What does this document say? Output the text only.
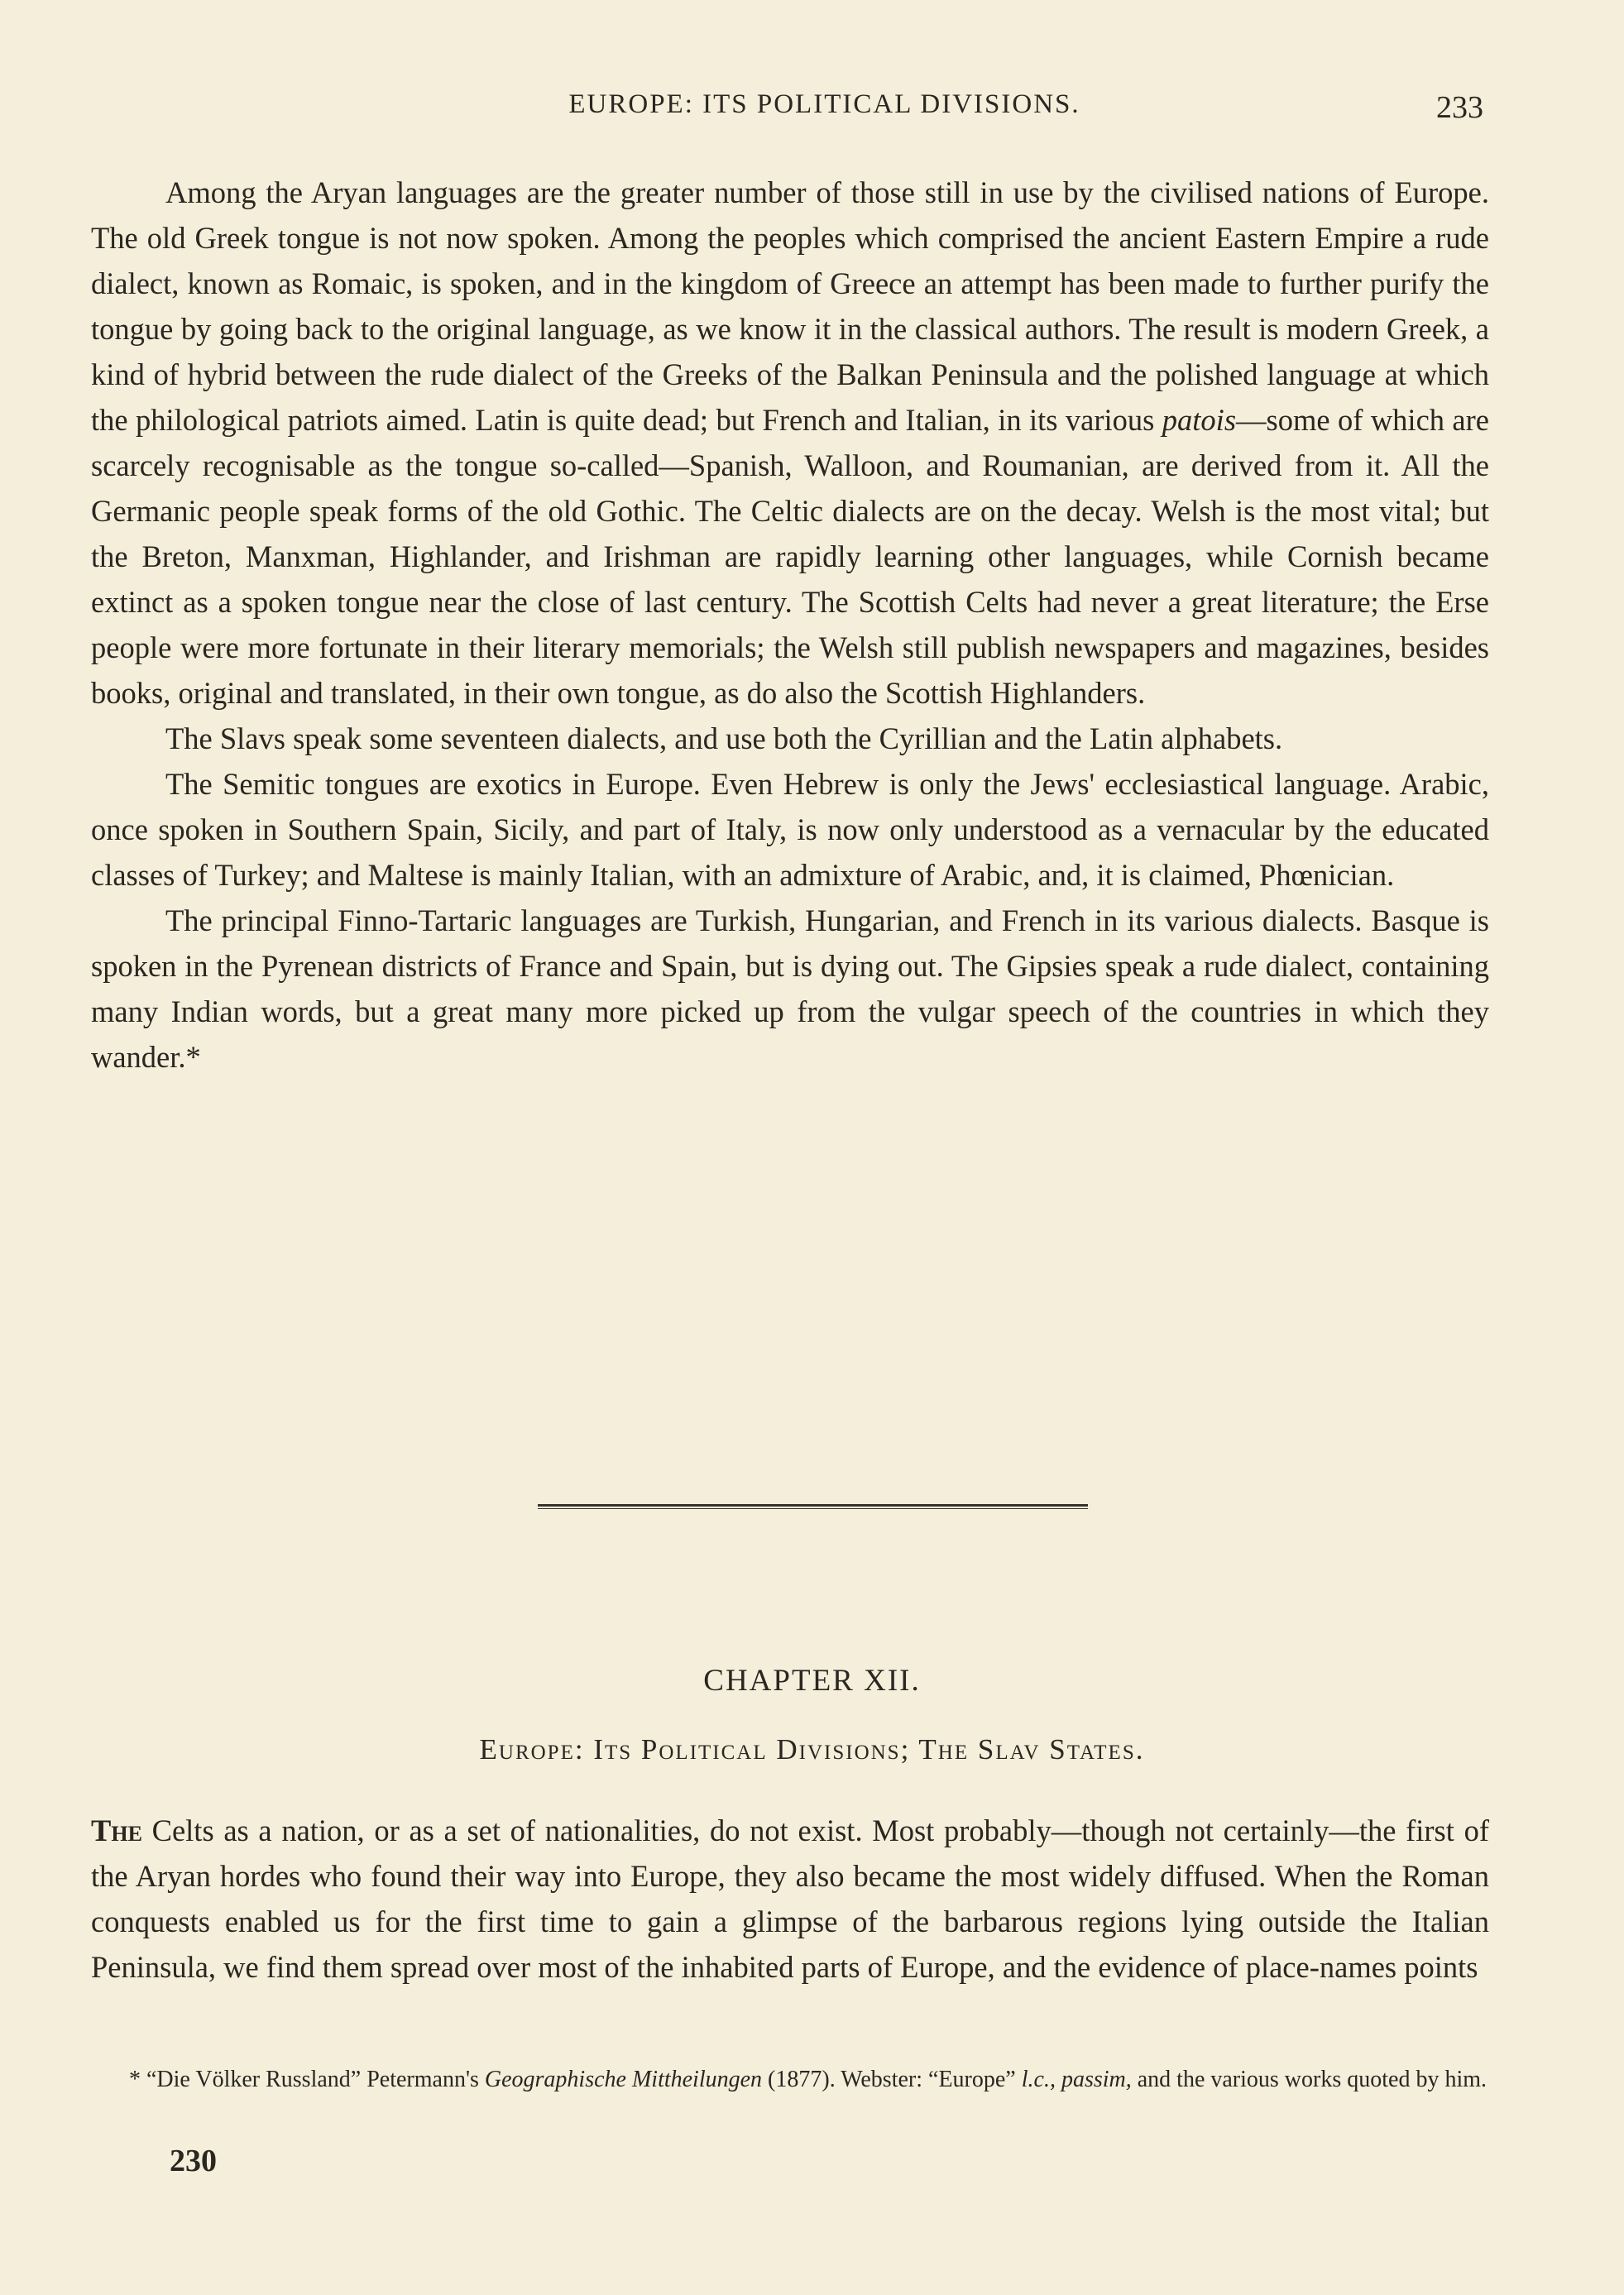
EUROPE: ITS POLITICAL DIVISIONS.	233

Among the Aryan languages are the greater number of those still in use by the civilised nations of Europe. The old Greek tongue is not now spoken. Among the peoples which comprised the ancient Eastern Empire a rude dialect, known as Romaic, is spoken, and in the kingdom of Greece an attempt has been made to further purify the tongue by going back to the original language, as we know it in the classical authors. The result is modern Greek, a kind of hybrid between the rude dialect of the Greeks of the Balkan Peninsula and the polished language at which the philological patriots aimed. Latin is quite dead; but French and Italian, in its various patois—some of which are scarcely recognisable as the tongue so-called—Spanish, Walloon, and Roumanian, are derived from it. All the Germanic people speak forms of the old Gothic. The Celtic dialects are on the decay. Welsh is the most vital; but the Breton, Manxman, Highlander, and Irishman are rapidly learning other languages, while Cornish became extinct as a spoken tongue near the close of last century. The Scottish Celts had never a great literature; the Erse people were more fortunate in their literary memorials; the Welsh still publish newspapers and magazines, besides books, original and translated, in their own tongue, as do also the Scottish Highlanders.

The Slavs speak some seventeen dialects, and use both the Cyrillian and the Latin alphabets.

The Semitic tongues are exotics in Europe. Even Hebrew is only the Jews' ecclesiastical language. Arabic, once spoken in Southern Spain, Sicily, and part of Italy, is now only understood as a vernacular by the educated classes of Turkey; and Maltese is mainly Italian, with an admixture of Arabic, and, it is claimed, Phœnician.

The principal Finno-Tartaric languages are Turkish, Hungarian, and French in its various dialects. Basque is spoken in the Pyrenean districts of France and Spain, but is dying out. The Gipsies speak a rude dialect, containing many Indian words, but a great many more picked up from the vulgar speech of the countries in which they wander.*

CHAPTER XII.
Europe: Its Political Divisions; The Slav States.

The Celts as a nation, or as a set of nationalities, do not exist. Most probably—though not certainly—the first of the Aryan hordes who found their way into Europe, they also became the most widely diffused. When the Roman conquests enabled us for the first time to gain a glimpse of the barbarous regions lying outside the Italian Peninsula, we find them spread over most of the inhabited parts of Europe, and the evidence of place-names points

* “Die Völker Russland” Petermann's Geographische Mittheilungen (1877). Webster: “Europe” l.c., passim, and the various works quoted by him.

230
